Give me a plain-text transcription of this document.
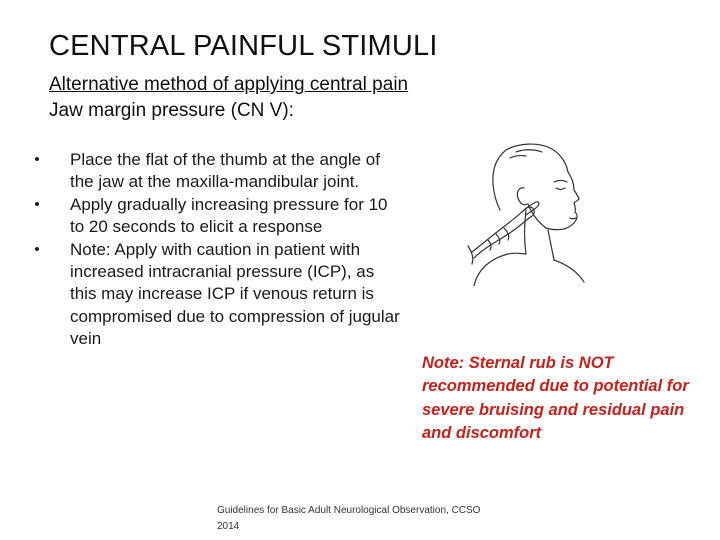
CENTRAL PAINFUL STIMULI
Alternative method of applying central pain
Jaw margin pressure (CN V):
• Place the flat of the thumb at the angle of the jaw at the maxilla-mandibular joint.
• Apply gradually increasing pressure for 10 to 20 seconds to elicit a response
• Note: Apply with caution in patient with increased intracranial pressure (ICP), as this may increase ICP if venous return is compromised due to compression of jugular vein
Note: Sternal rub is NOT recommended due to potential for severe bruising and residual pain and discomfort
Guidelines for Basic Adult Neurological Observation, CCSO 2014
